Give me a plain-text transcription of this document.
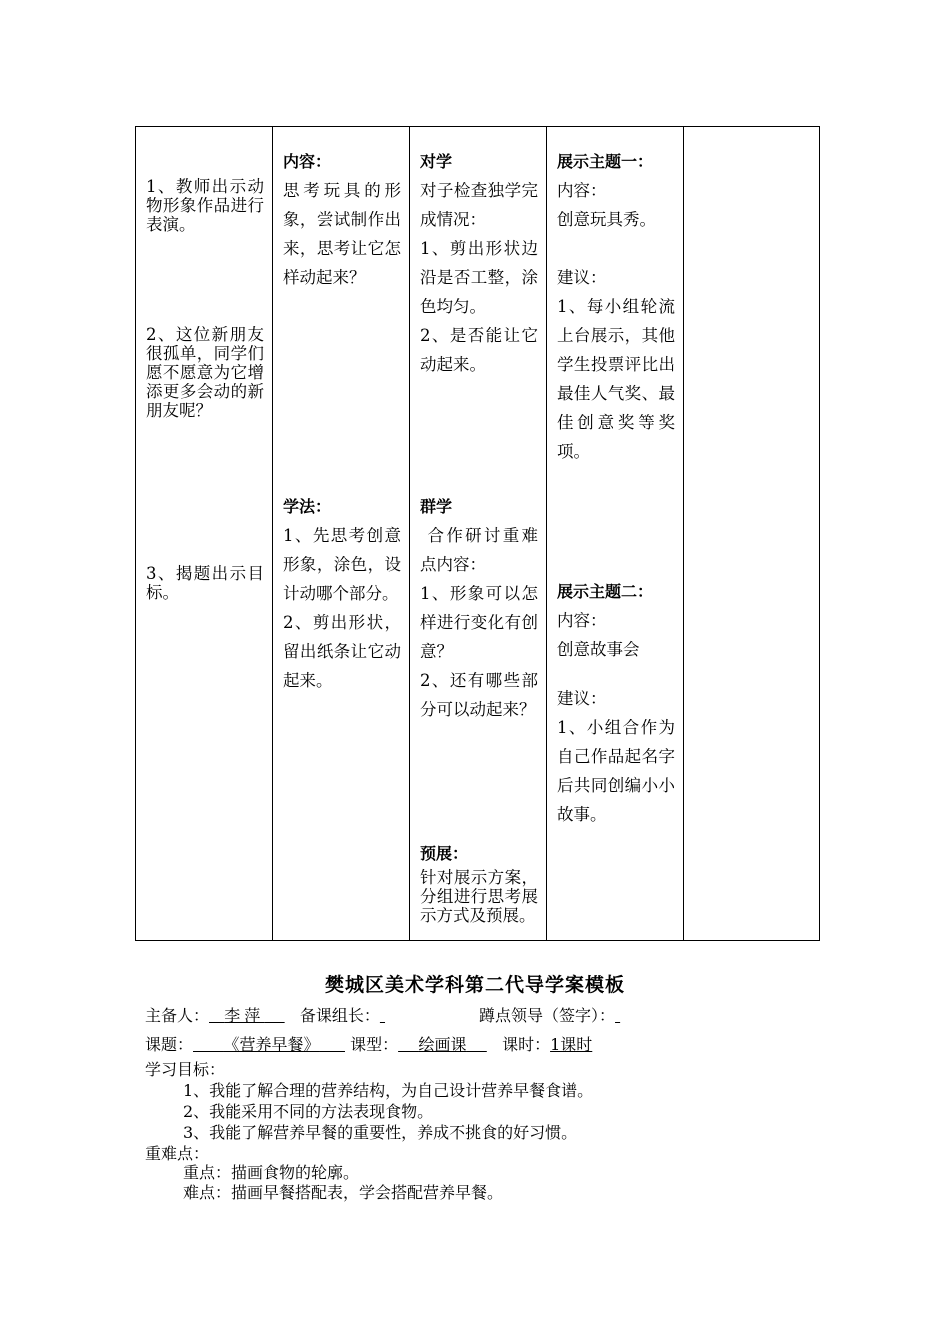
1、教师出示动物形象作品进行表演。

2、这位新朋友很孤单，同学们愿不愿意为它增添更多会动的新朋友呢？

3、揭题出示目标。

内容：

思考玩具的形象，尝试制作出来，思考让它怎样动起来？

学法：

1、先思考创意形象，涂色，设计动哪个部分。

2、剪出形状，留出纸条让它动起来。

对学

对子检查独学完成情况：

1、剪出形状边沿是否工整，涂色均匀。

2、是否能让它动起来。

群学

合作研讨重难点内容：

1、形象可以怎样进行变化有创意？

2、还有哪些部分可以动起来？

预展：

针对展示方案，分组进行思考展示方式及预展。

展示主题一：

内容：

创意玩具秀。

建议：

1、每小组轮流上台展示，其他学生投票评比出最佳人气奖、最佳创意奖等奖项。

展示主题二：

内容：

创意故事会

建议：

1、小组合作为自己作品起名字后共同创编小小故事。

樊城区美术学科第二代导学案模板
主备人： 李萍 备课组长：	蹲点领导（签字）：
课题： 《营养早餐》 课型： 绘画课 课时：1课时
学习目标：
1、我能了解合理的营养结构，为自己设计营养早餐食谱。
2、我能采用不同的方法表现食物。
3、我能了解营养早餐的重要性，养成不挑食的好习惯。
重难点：
重点：描画食物的轮廓。
难点：描画早餐搭配表，学会搭配营养早餐。
